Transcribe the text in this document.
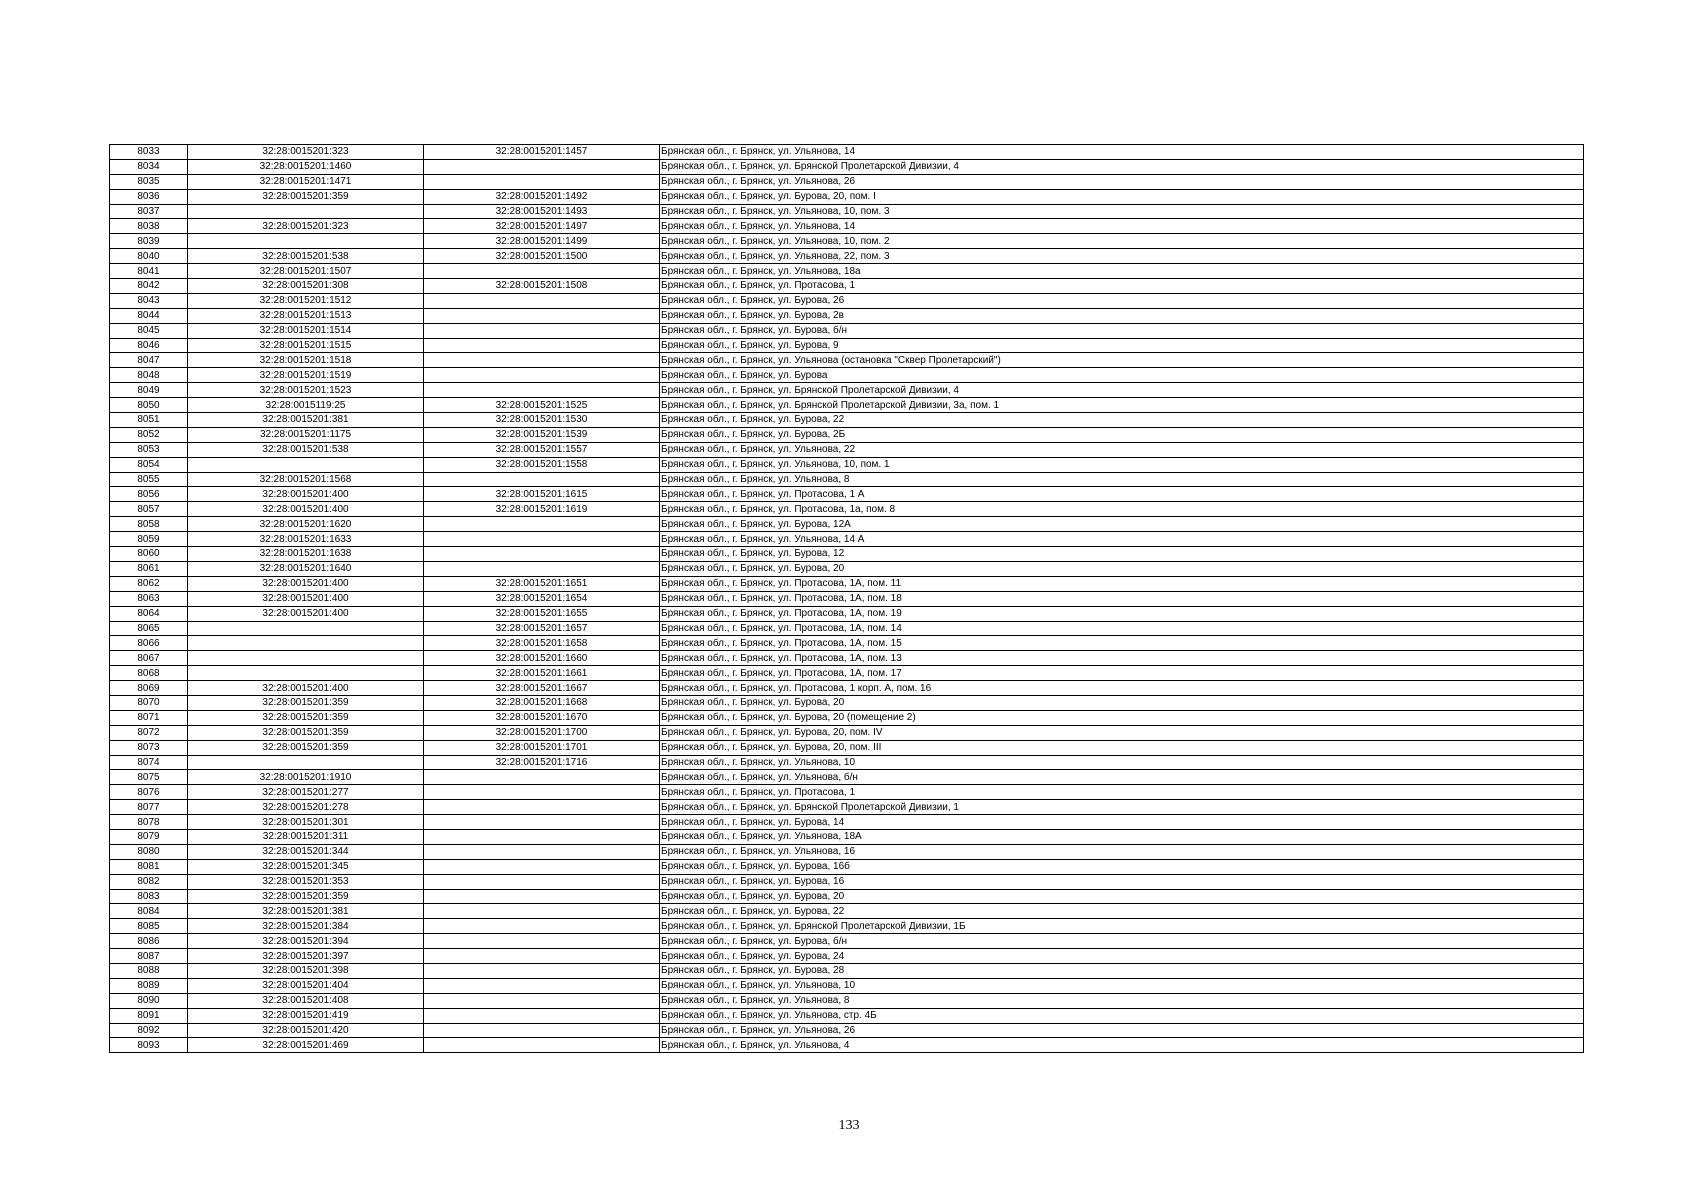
8033	32:28:0015201:323	32:28:0015201:1457	Брянская обл., г. Брянск, ул. Ульянова, 14
8034	32:28:0015201:1460		Брянская обл., г. Брянск, ул. Брянской Пролетарской Дивизии, 4
8035	32:28:0015201:1471		Брянская обл., г. Брянск, ул. Ульянова, 26
8036	32:28:0015201:359	32:28:0015201:1492	Брянская обл., г. Брянск, ул. Бурова, 20, пом. I
8037		32:28:0015201:1493	Брянская обл., г. Брянск, ул. Ульянова, 10, пом. 3
8038	32:28:0015201:323	32:28:0015201:1497	Брянская обл., г. Брянск, ул. Ульянова, 14
8039		32:28:0015201:1499	Брянская обл., г. Брянск, ул. Ульянова, 10, пом. 2
8040	32:28:0015201:538	32:28:0015201:1500	Брянская обл., г. Брянск, ул. Ульянова, 22, пом. 3
8041	32:28:0015201:1507		Брянская обл., г. Брянск, ул. Ульянова, 18а
8042	32:28:0015201:308	32:28:0015201:1508	Брянская обл., г. Брянск, ул. Протасова, 1
8043	32:28:0015201:1512		Брянская обл., г. Брянск, ул. Бурова, 26
8044	32:28:0015201:1513		Брянская обл., г. Брянск, ул. Бурова, 2в
8045	32:28:0015201:1514		Брянская обл., г. Брянск, ул. Бурова, б/н
8046	32:28:0015201:1515		Брянская обл., г. Брянск, ул. Бурова, 9
8047	32:28:0015201:1518		Брянская обл., г. Брянск, ул. Ульянова (остановка "Сквер Пролетарский")
8048	32:28:0015201:1519		Брянская обл., г. Брянск, ул. Бурова
8049	32:28:0015201:1523		Брянская обл., г. Брянск, ул. Брянской Пролетарской Дивизии, 4
8050	32:28:0015119:25	32:28:0015201:1525	Брянская обл., г. Брянск, ул. Брянской Пролетарской Дивизии, 3а, пом. 1
8051	32:28:0015201:381	32:28:0015201:1530	Брянская обл., г. Брянск, ул. Бурова, 22
8052	32:28:0015201:1175	32:28:0015201:1539	Брянская обл., г. Брянск, ул. Бурова, 2Б
8053	32:28:0015201:538	32:28:0015201:1557	Брянская обл., г. Брянск, ул. Ульянова, 22
8054		32:28:0015201:1558	Брянская обл., г. Брянск, ул. Ульянова, 10, пом. 1
8055	32:28:0015201:1568		Брянская обл., г. Брянск, ул. Ульянова, 8
8056	32:28:0015201:400	32:28:0015201:1615	Брянская обл., г. Брянск, ул. Протасова, 1 А
8057	32:28:0015201:400	32:28:0015201:1619	Брянская обл., г. Брянск, ул. Протасова, 1а, пом. 8
8058	32:28:0015201:1620		Брянская обл., г. Брянск, ул. Бурова, 12А
8059	32:28:0015201:1633		Брянская обл., г. Брянск, ул. Ульянова, 14 А
8060	32:28:0015201:1638		Брянская обл., г. Брянск, ул. Бурова, 12
8061	32:28:0015201:1640		Брянская обл., г. Брянск, ул. Бурова, 20
8062	32:28:0015201:400	32:28:0015201:1651	Брянская обл., г. Брянск, ул. Протасова, 1А, пом. 11
8063	32:28:0015201:400	32:28:0015201:1654	Брянская обл., г. Брянск, ул. Протасова, 1А, пом. 18
8064	32:28:0015201:400	32:28:0015201:1655	Брянская обл., г. Брянск, ул. Протасова, 1А, пом. 19
8065		32:28:0015201:1657	Брянская обл., г. Брянск, ул. Протасова, 1А, пом. 14
8066		32:28:0015201:1658	Брянская обл., г. Брянск, ул. Протасова, 1А, пом. 15
8067		32:28:0015201:1660	Брянская обл., г. Брянск, ул. Протасова, 1А, пом. 13
8068		32:28:0015201:1661	Брянская обл., г. Брянск, ул. Протасова, 1А, пом. 17
8069	32:28:0015201:400	32:28:0015201:1667	Брянская обл., г. Брянск, ул. Протасова, 1 корп. А, пом. 16
8070	32:28:0015201:359	32:28:0015201:1668	Брянская обл., г. Брянск, ул. Бурова, 20
8071	32:28:0015201:359	32:28:0015201:1670	Брянская обл., г. Брянск, ул. Бурова, 20 (помещение 2)
8072	32:28:0015201:359	32:28:0015201:1700	Брянская обл., г. Брянск, ул. Бурова, 20, пом. IV
8073	32:28:0015201:359	32:28:0015201:1701	Брянская обл., г. Брянск, ул. Бурова, 20, пом. III
8074		32:28:0015201:1716	Брянская обл., г. Брянск, ул. Ульянова, 10
8075	32:28:0015201:1910		Брянская обл., г. Брянск, ул. Ульянова, б/н
8076	32:28:0015201:277		Брянская обл., г. Брянск, ул. Протасова, 1
8077	32:28:0015201:278		Брянская обл., г. Брянск, ул. Брянской Пролетарской Дивизии, 1
8078	32:28:0015201:301		Брянская обл., г. Брянск, ул. Бурова, 14
8079	32:28:0015201:311		Брянская обл., г. Брянск, ул. Ульянова, 18А
8080	32:28:0015201:344		Брянская обл., г. Брянск, ул. Ульянова, 16
8081	32:28:0015201:345		Брянская обл., г. Брянск, ул. Бурова, 16б
8082	32:28:0015201:353		Брянская обл., г. Брянск, ул. Бурова, 16
8083	32:28:0015201:359		Брянская обл., г. Брянск, ул. Бурова, 20
8084	32:28:0015201:381		Брянская обл., г. Брянск, ул. Бурова, 22
8085	32:28:0015201:384		Брянская обл., г. Брянск, ул. Брянской Пролетарской Дивизии, 1Б
8086	32:28:0015201:394		Брянская обл., г. Брянск, ул. Бурова, б/н
8087	32:28:0015201:397		Брянская обл., г. Брянск, ул. Бурова, 24
8088	32:28:0015201:398		Брянская обл., г. Брянск, ул. Бурова, 28
8089	32:28:0015201:404		Брянская обл., г. Брянск, ул. Ульянова, 10
8090	32:28:0015201:408		Брянская обл., г. Брянск, ул. Ульянова, 8
8091	32:28:0015201:419		Брянская обл., г. Брянск, ул. Ульянова, стр. 4Б
8092	32:28:0015201:420		Брянская обл., г. Брянск, ул. Ульянова, 26
8093	32:28:0015201:469		Брянская обл., г. Брянск, ул. Ульянова, 4
133
